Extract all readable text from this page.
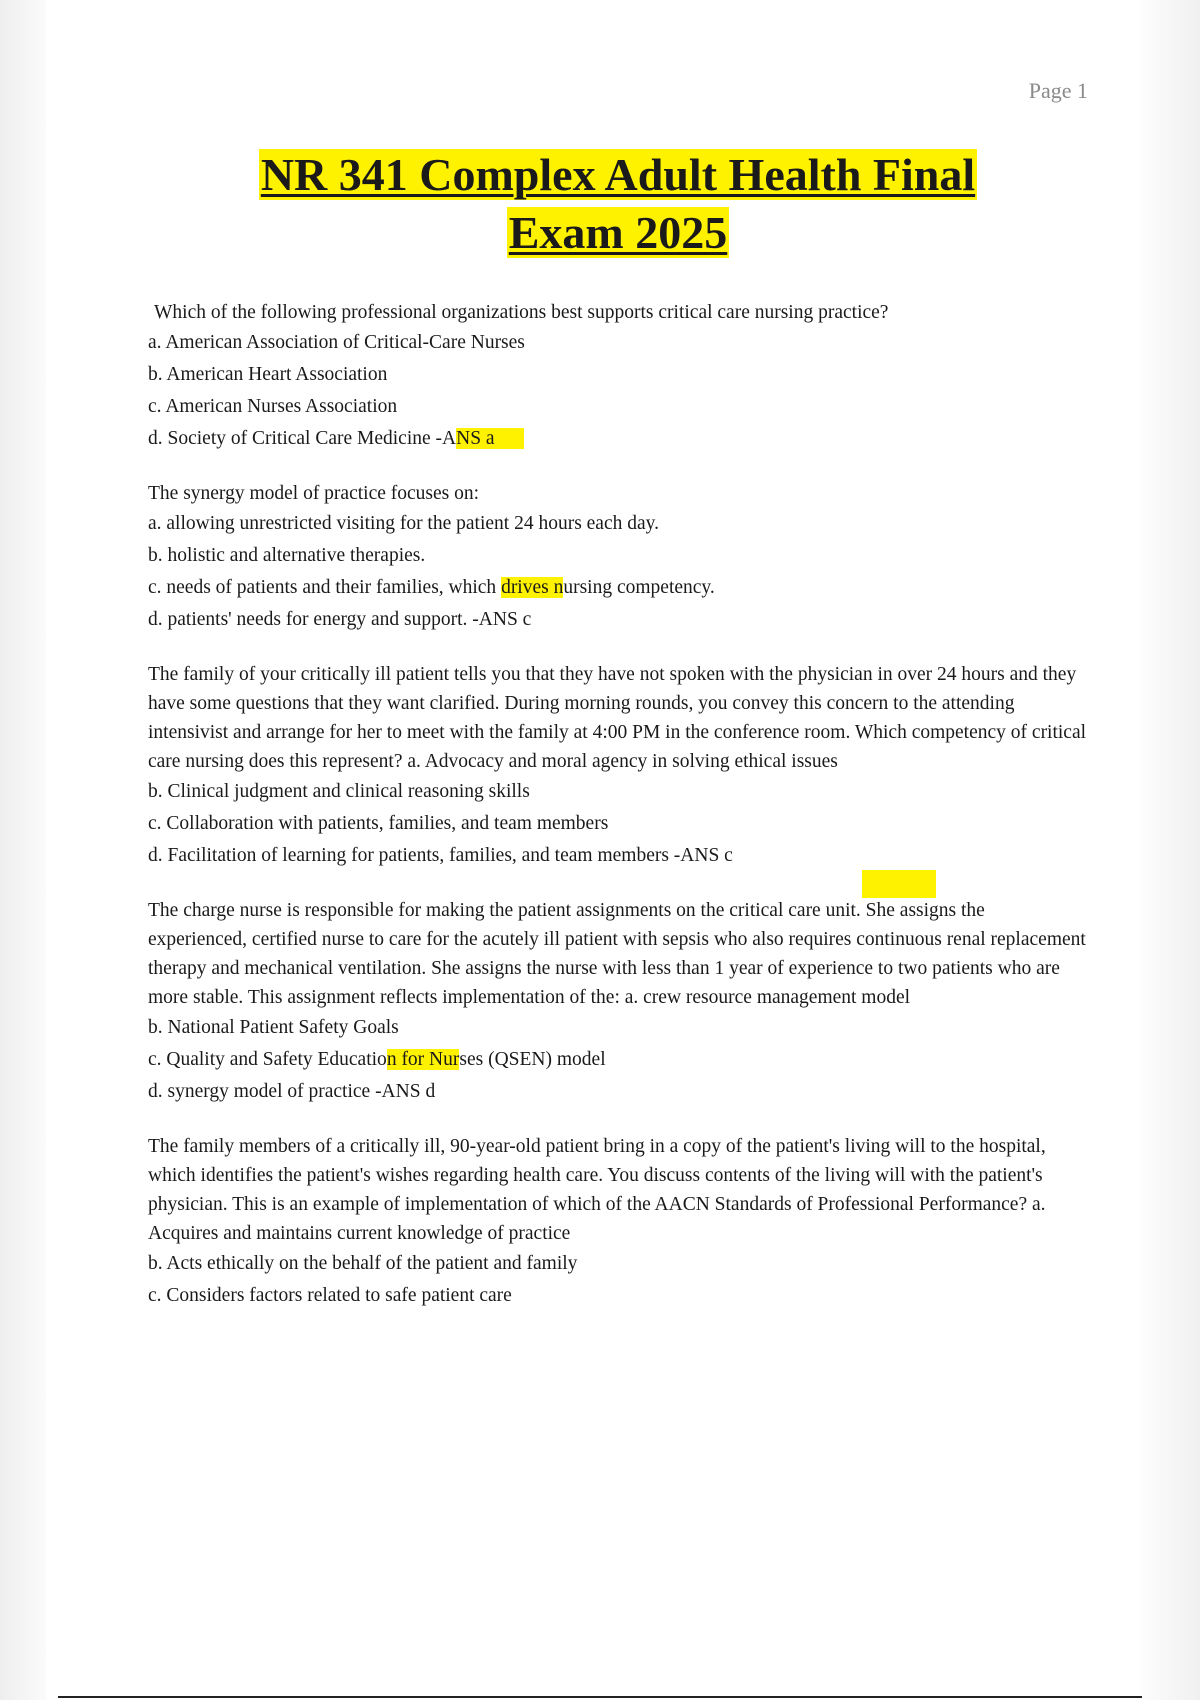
Page 1
NR 341 Complex Adult Health Final
Exam 2025

Which of the following professional organizations best supports critical care nursing practice?

a. American Association of Critical-Care Nurses

b. American Heart Association

c. American Nurses Association

d. Society of Critical Care Medicine -ANS a

The synergy model of practice focuses on:

a. allowing unrestricted visiting for the patient 24 hours each day.

b. holistic and alternative therapies.

c. needs of patients and their families, which drives nursing competency.

d. patients' needs for energy and support. -ANS c

The family of your critically ill patient tells you that they have not spoken with the physician in over 24 hours and they have some questions that they want clarified. During morning rounds, you convey this concern to the attending intensivist and arrange for her to meet with the family at 4:00 PM in the conference room. Which competency of critical care nursing does this represent? a. Advocacy and moral agency in solving ethical issues

b. Clinical judgment and clinical reasoning skills

c. Collaboration with patients, families, and team members

d. Facilitation of learning for patients, families, and team members -ANS c

The charge nurse is responsible for making the patient assignments on the critical care unit. She assigns the experienced, certified nurse to care for the acutely ill patient with sepsis who also requires continuous renal replacement therapy and mechanical ventilation. She assigns the nurse with less than 1 year of experience to two patients who are more stable. This assignment reflects implementation of the: a. crew resource management model

b. National Patient Safety Goals

c. Quality and Safety Education for Nurses (QSEN) model

d. synergy model of practice -ANS d

The family members of a critically ill, 90-year-old patient bring in a copy of the patient's living will to the hospital, which identifies the patient's wishes regarding health care. You discuss contents of the living will with the patient's physician. This is an example of implementation of which of the AACN Standards of Professional Performance? a. Acquires and maintains current knowledge of practice

b. Acts ethically on the behalf of the patient and family

c. Considers factors related to safe patient care
